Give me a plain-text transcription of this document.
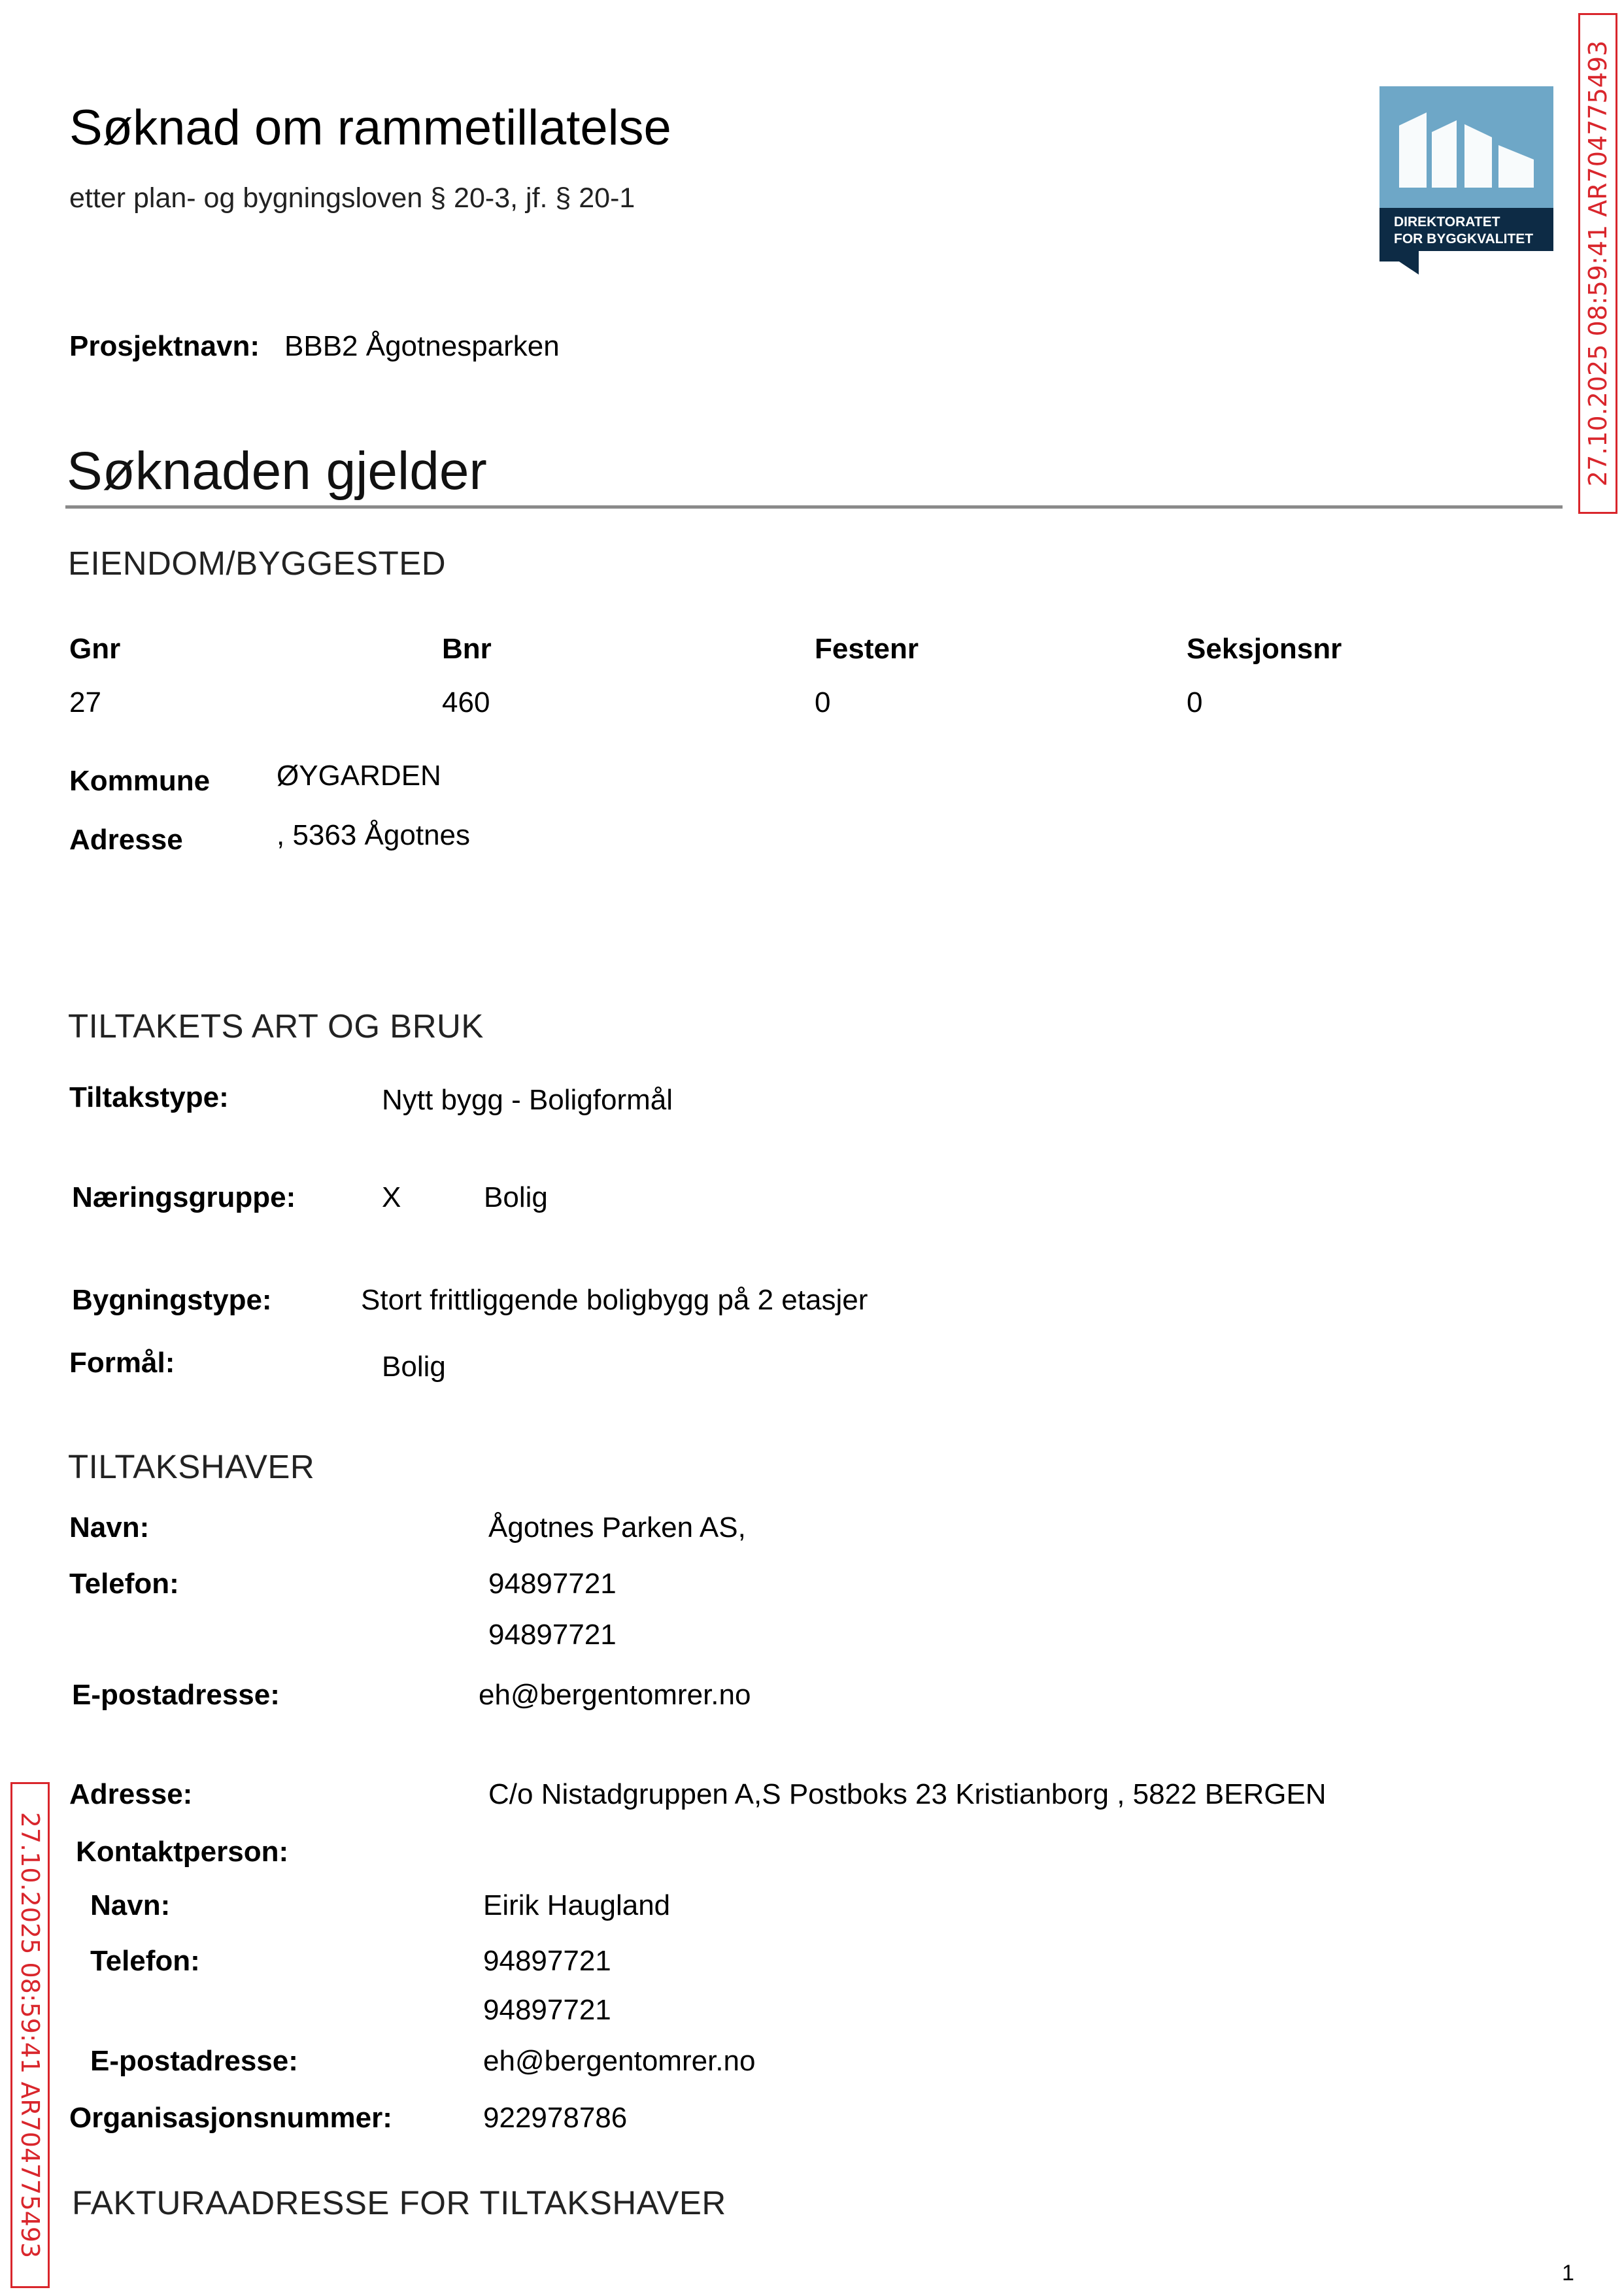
Søknad om rammetillatelse
etter plan- og bygningsloven § 20-3, jf. § 20-1
Prosjektnavn: BBB2 Ågotnesparken
DIREKTORATET
FOR BYGGKVALITET 27.10.2025 08:59:41 AR704775493
27.10.2025 08:59:41 AR704775493
Søknaden gjelder
EIENDOM/BYGGESTED
Gnr	Bnr	Festenr	Seksjonsnr
27	460	0	0
Kommune ØYGARDEN
Adresse	, 5363 Ågotnes
TILTAKETS ART OG BRUK
Tiltakstype:	Nytt bygg - Boligformål
Næringsgruppe:	X	Bolig
Bygningstype:	Stort frittliggende boligbygg på 2 etasjer
Formål:	Bolig
TILTAKSHAVER
Navn:	Ågotnes Parken AS,
Telefon:	94897721
94897721
E-postadresse:	eh@bergentomrer.no
Adresse:	C/o Nistadgruppen A,S Postboks 23 Kristianborg , 5822 BERGEN
Kontaktperson:
Navn:	Eirik Haugland
Telefon:	94897721
94897721
E-postadresse:	eh@bergentomrer.no
Organisasjonsnummer:	922978786
FAKTURAADRESSE FOR TILTAKSHAVER
1
